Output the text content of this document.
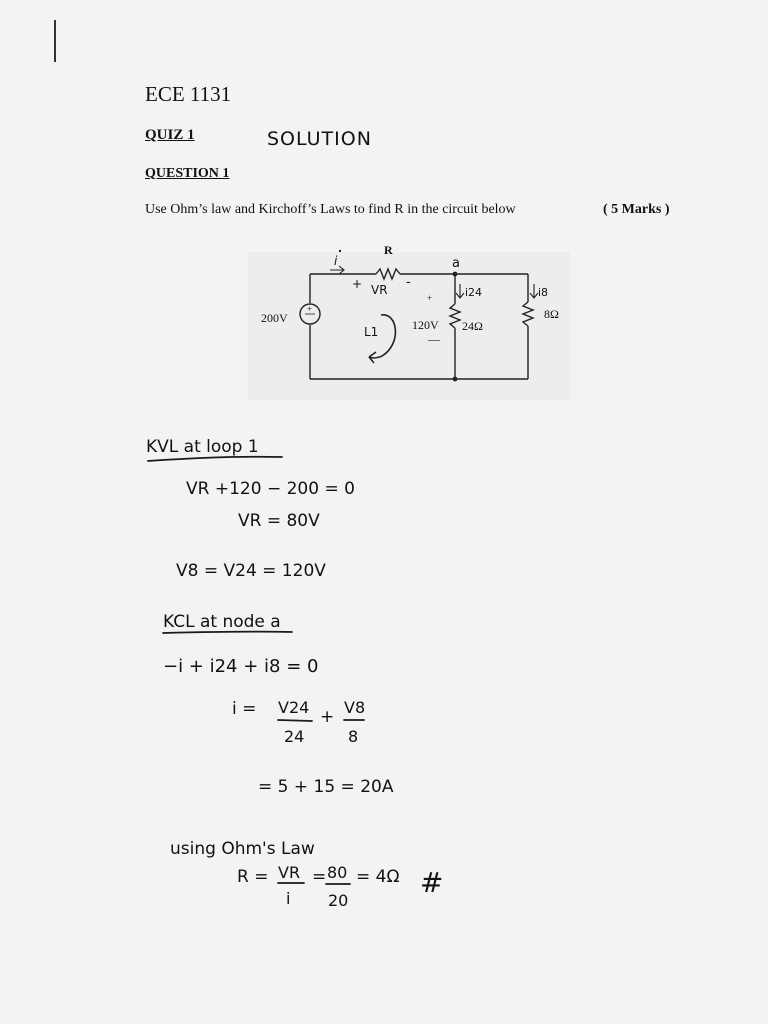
ECE 1131
QUIZ 1	SOLUTION
QUESTION 1
Use Ohm’s law and Kirchoff’s Laws to find R in the circuit below	( 5 Marks )
R
200V
+
+
120V
—
24Ω
8Ω
i	a
+ VR -
i24	i8
L1
KVL at loop 1
VR +120 − 200 = 0
VR = 80V
V8 = V24 = 120V
KCL at node a
−i + i24 + i8 = 0
i = V24
24
+ V8
8
= 5 + 15 = 20A
using Ohm's Law
R = VR
i
= 80
20
= 4Ω #
